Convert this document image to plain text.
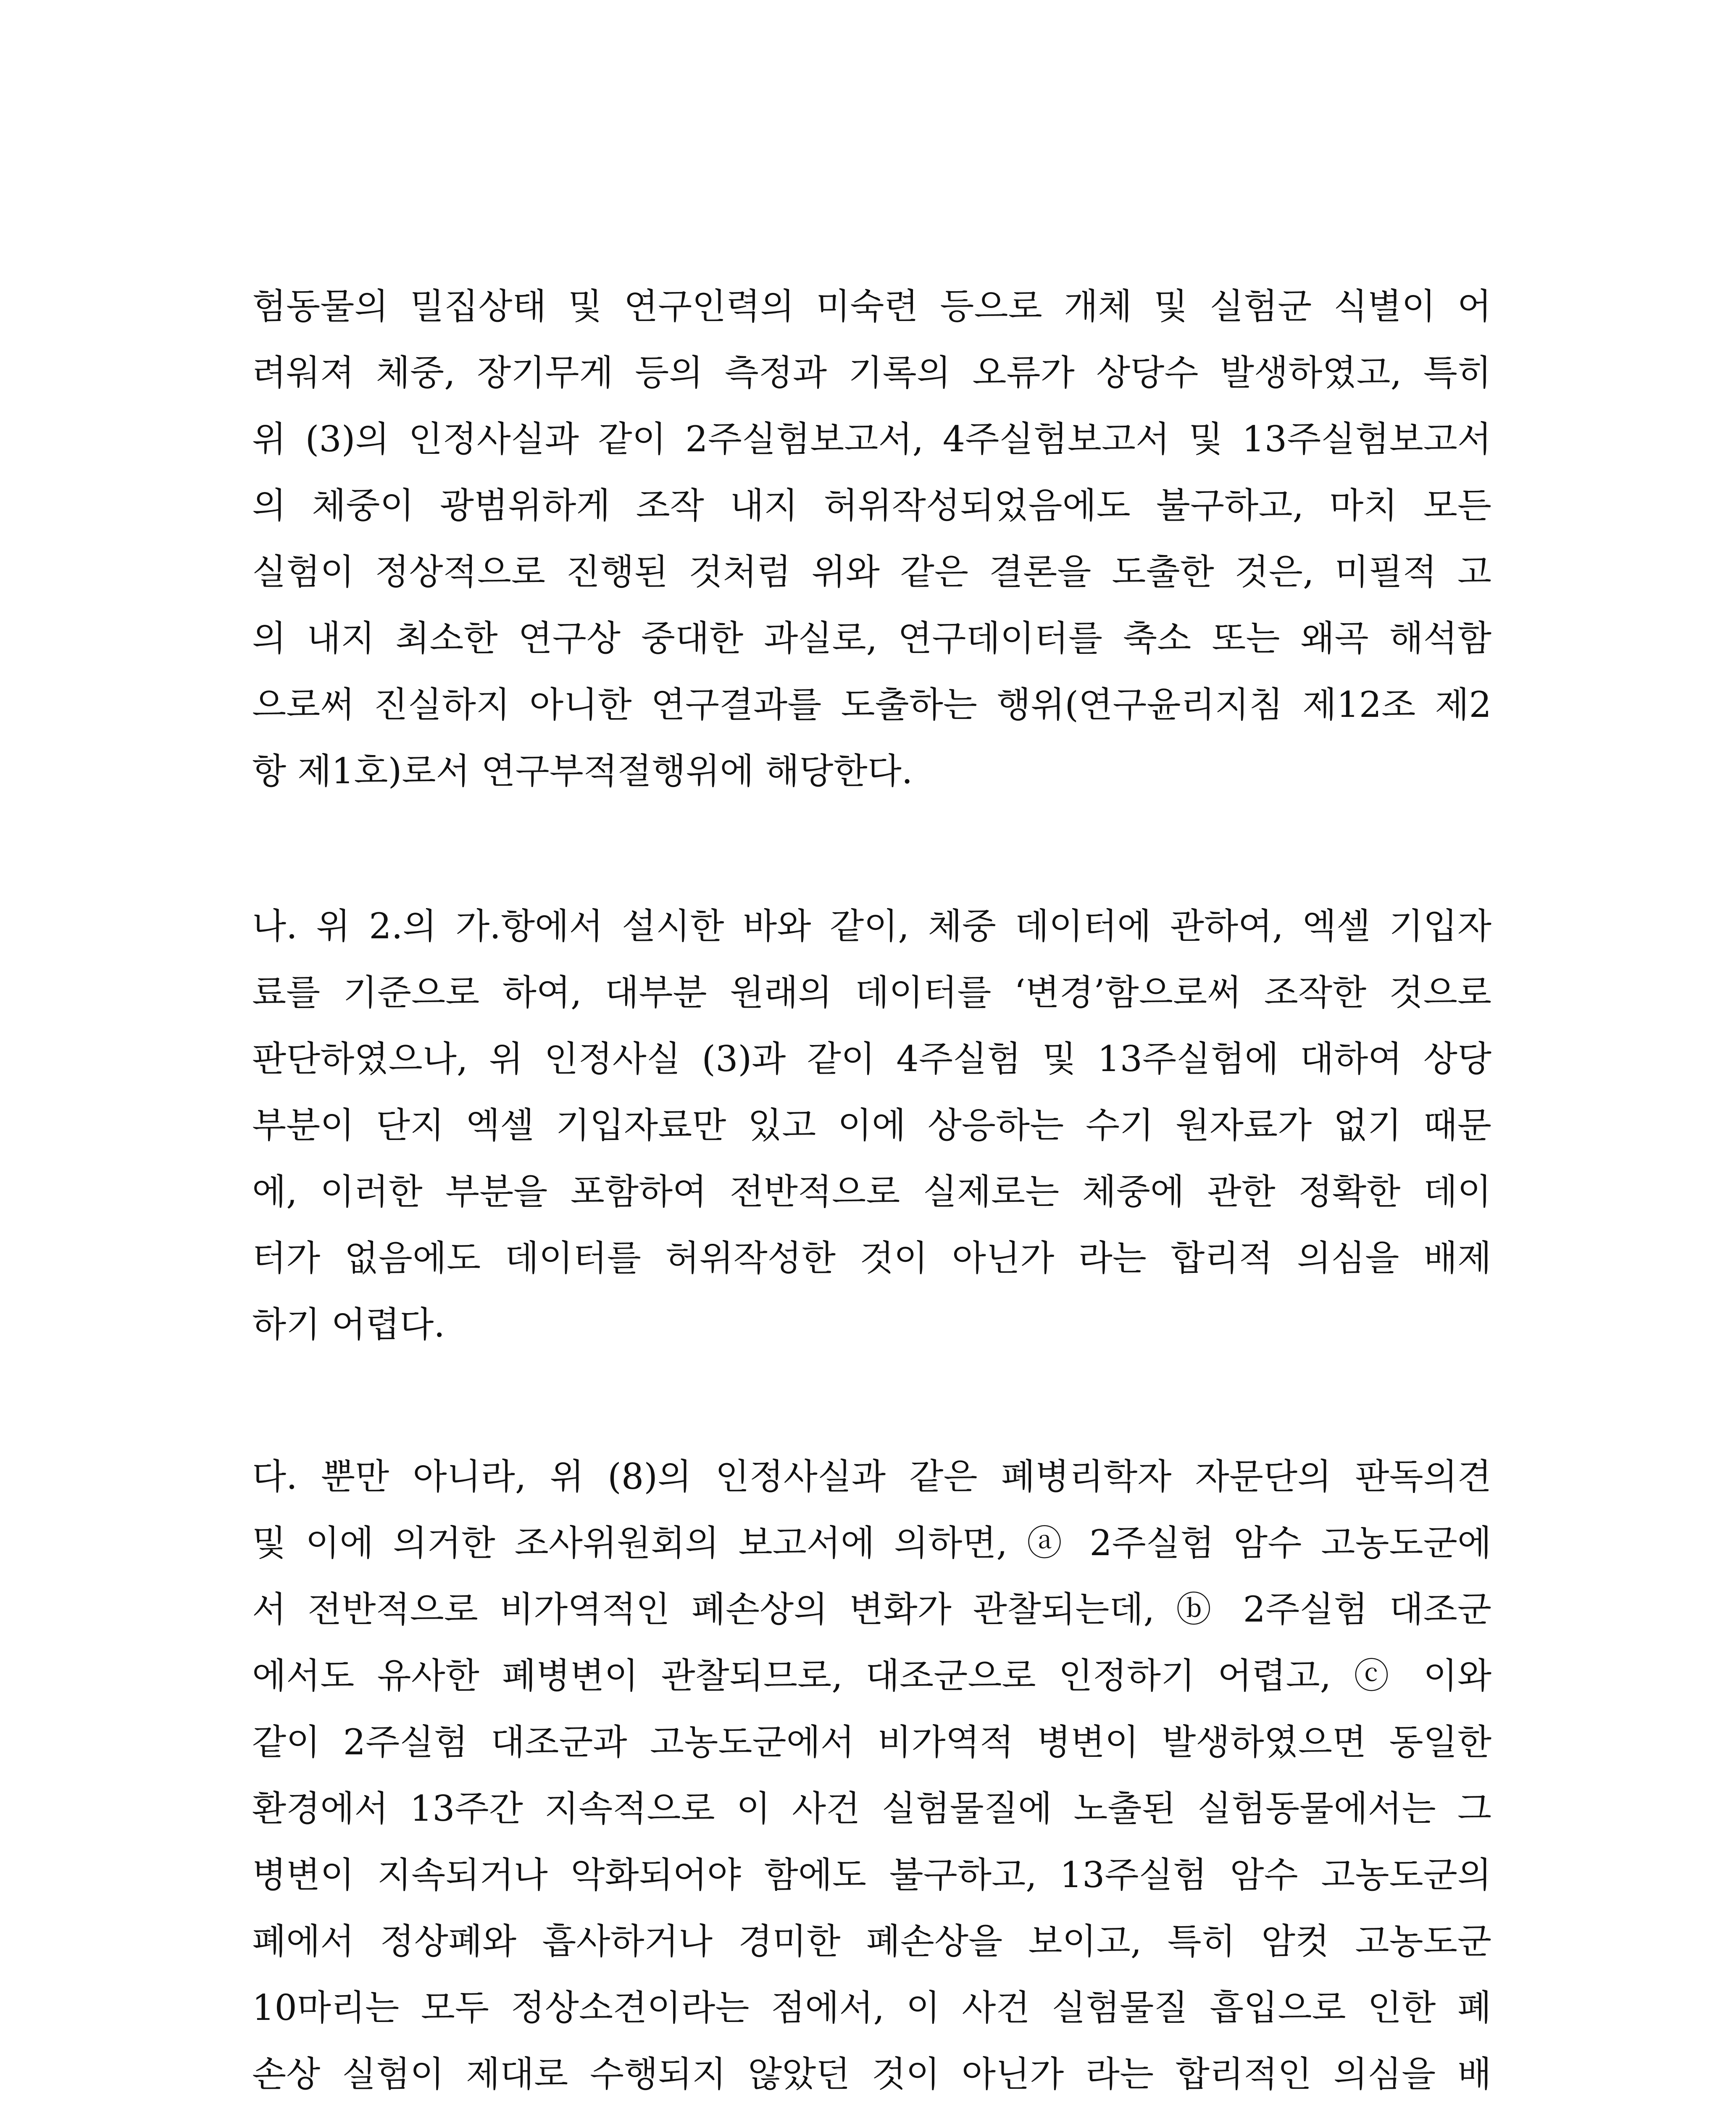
험동물의 밀집상태 및 연구인력의 미숙련 등으로 개체 및 실험군 식별이 어
려워져 체중, 장기무게 등의 측정과 기록의 오류가 상당수 발생하였고, 특히
위 (3)의 인정사실과 같이 2주실험보고서, 4주실험보고서 및 13주실험보고서
의 체중이 광범위하게 조작 내지 허위작성되었음에도 불구하고, 마치 모든
실험이 정상적으로 진행된 것처럼 위와 같은 결론을 도출한 것은, 미필적 고
의 내지 최소한 연구상 중대한 과실로, 연구데이터를 축소 또는 왜곡 해석함
으로써 진실하지 아니한 연구결과를 도출하는 행위(연구윤리지침 제12조 제2
항 제1호)로서 연구부적절행위에 해당한다.
나. 위 2.의 가.항에서 설시한 바와 같이, 체중 데이터에 관하여, 엑셀 기입자
료를 기준으로 하여, 대부분 원래의 데이터를 ‘변경’함으로써 조작한 것으로
판단하였으나, 위 인정사실 (3)과 같이 4주실험 및 13주실험에 대하여 상당
부분이 단지 엑셀 기입자료만 있고 이에 상응하는 수기 원자료가 없기 때문
에, 이러한 부분을 포함하여 전반적으로 실제로는 체중에 관한 정확한 데이
터가 없음에도 데이터를 허위작성한 것이 아닌가 라는 합리적 의심을 배제
하기 어렵다.
다. 뿐만 아니라, 위 (8)의 인정사실과 같은 폐병리학자 자문단의 판독의견
및 이에 의거한 조사위원회의 보고서에 의하면, ⓐ 2주실험 암수 고농도군에
서 전반적으로 비가역적인 폐손상의 변화가 관찰되는데, ⓑ 2주실험 대조군
에서도 유사한 폐병변이 관찰되므로, 대조군으로 인정하기 어렵고, ⓒ 이와
같이 2주실험 대조군과 고농도군에서 비가역적 병변이 발생하였으면 동일한
환경에서 13주간 지속적으로 이 사건 실험물질에 노출된 실험동물에서는 그
병변이 지속되거나 악화되어야 함에도 불구하고, 13주실험 암수 고농도군의
폐에서 정상폐와 흡사하거나 경미한 폐손상을 보이고, 특히 암컷 고농도군
10마리는 모두 정상소견이라는 점에서, 이 사건 실험물질 흡입으로 인한 폐
손상 실험이 제대로 수행되지 않았던 것이 아닌가 라는 합리적인 의심을 배
